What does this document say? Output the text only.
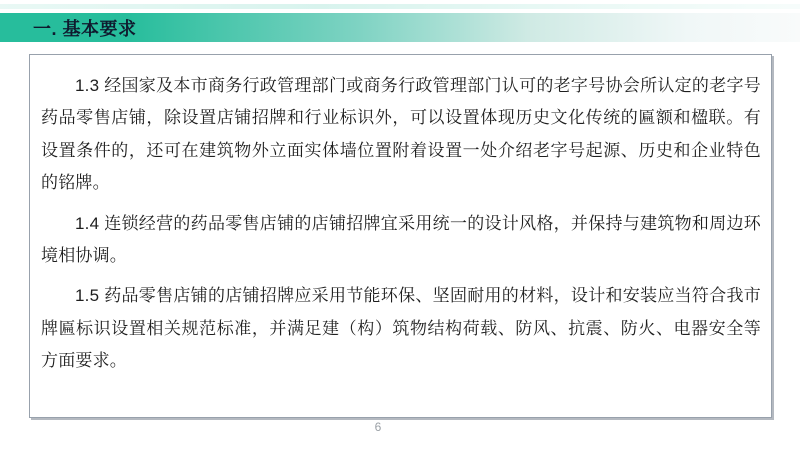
一. 基本要求

1.3 经国家及本市商务行政管理部门或商务行政管理部门认可的老字号协会所认定的老字号药品零售店铺，除设置店铺招牌和行业标识外，可以设置体现历史文化传统的匾额和楹联。有设置条件的，还可在建筑物外立面实体墙位置附着设置一处介绍老字号起源、历史和企业特色的铭牌。

1.4 连锁经营的药品零售店铺的店铺招牌宜采用统一的设计风格，并保持与建筑物和周边环境相协调。

1.5 药品零售店铺的店铺招牌应采用节能环保、坚固耐用的材料，设计和安装应当符合我市牌匾标识设置相关规范标准，并满足建（构）筑物结构荷载、防风、抗震、防火、电器安全等方面要求。

6
